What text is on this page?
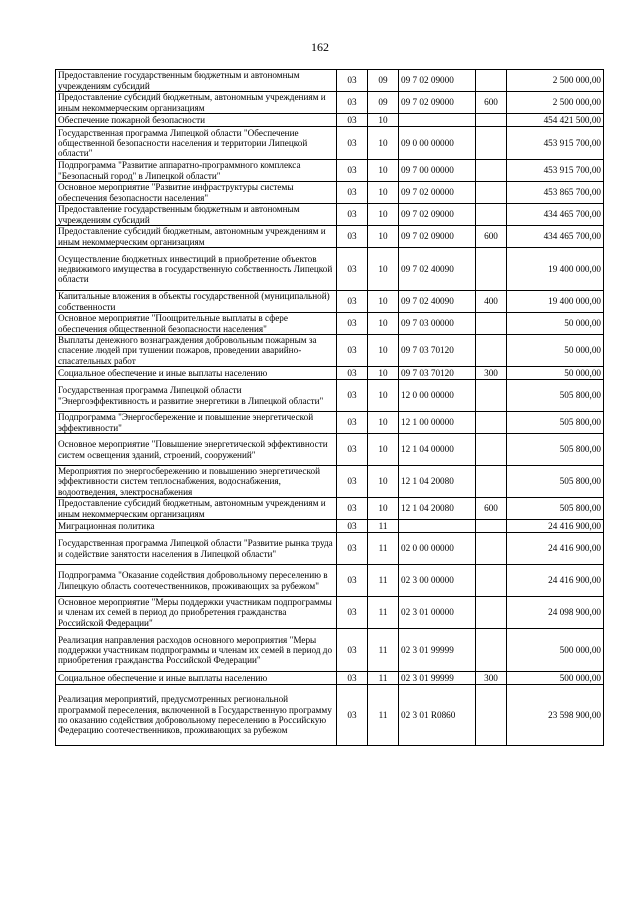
162
Предоставление государственным бюджетным и автономным учреждениям субсидий	03	09	09 7 02 09000		2 500 000,00
Предоставление субсидий бюджетным, автономным учреждениям и иным некоммерческим организациям	03	09	09 7 02 09000	600	2 500 000,00
Обеспечение пожарной безопасности	03	10			454 421 500,00
Государственная программа Липецкой области "Обеспечение общественной безопасности населения и территории Липецкой области"	03	10	09 0 00 00000		453 915 700,00
Подпрограмма "Развитие аппаратно-программного комплекса "Безопасный город" в Липецкой области"	03	10	09 7 00 00000		453 915 700,00
Основное мероприятие "Развитие инфраструктуры системы обеспечения безопасности населения"	03	10	09 7 02 00000		453 865 700,00
Предоставление государственным бюджетным и автономным учреждениям субсидий	03	10	09 7 02 09000		434 465 700,00
Предоставление субсидий бюджетным, автономным учреждениям и иным некоммерческим организациям	03	10	09 7 02 09000	600	434 465 700,00
Осуществление бюджетных инвестиций в приобретение объектов недвижимого имущества в государственную собственность Липецкой области	03	10	09 7 02 40090		19 400 000,00
Капитальные вложения в объекты государственной (муниципальной) собственности	03	10	09 7 02 40090	400	19 400 000,00
Основное мероприятие "Поощрительные выплаты в сфере обеспечения общественной безопасности населения"	03	10	09 7 03 00000		50 000,00
Выплаты денежного вознаграждения добровольным пожарным за спасение людей при тушении пожаров, проведении аварийно-спасательных работ	03	10	09 7 03 70120		50 000,00
Социальное обеспечение и иные выплаты населению	03	10	09 7 03 70120	300	50 000,00
Государственная программа Липецкой области "Энергоэффективность и развитие энергетики в Липецкой области"	03	10	12 0 00 00000		505 800,00
Подпрограмма "Энергосбережение и повышение энергетической эффективности"	03	10	12 1 00 00000		505 800,00
Основное мероприятие "Повышение энергетической эффективности систем освещения зданий, строений, сооружений"	03	10	12 1 04 00000		505 800,00
Мероприятия по энергосбережению и повышению энергетической эффективности систем теплоснабжения, водоснабжения, водоотведения, электроснабжения	03	10	12 1 04 20080		505 800,00
Предоставление субсидий бюджетным, автономным учреждениям и иным некоммерческим организациям	03	10	12 1 04 20080	600	505 800,00
Миграционная политика	03	11			24 416 900,00
Государственная программа Липецкой области "Развитие рынка труда и содействие занятости населения в Липецкой области"	03	11	02 0 00 00000		24 416 900,00
Подпрограмма "Оказание содействия добровольному переселению в Липецкую область соотечественников, проживающих за рубежом"	03	11	02 3 00 00000		24 416 900,00
Основное мероприятие "Меры поддержки участникам подпрограммы и членам их семей в период до приобретения гражданства Российской Федерации"	03	11	02 3 01 00000		24 098 900,00
Реализация направления расходов основного мероприятия "Меры поддержки участникам подпрограммы и членам их семей в период до приобретения гражданства Российской Федерации"	03	11	02 3 01 99999		500 000,00
Социальное обеспечение и иные выплаты населению	03	11	02 3 01 99999	300	500 000,00
Реализация мероприятий, предусмотренных региональной программой переселения, включенной в Государственную программу по оказанию содействия добровольному переселению в Российскую Федерацию соотечественников, проживающих за рубежом	03	11	02 3 01 R0860		23 598 900,00
